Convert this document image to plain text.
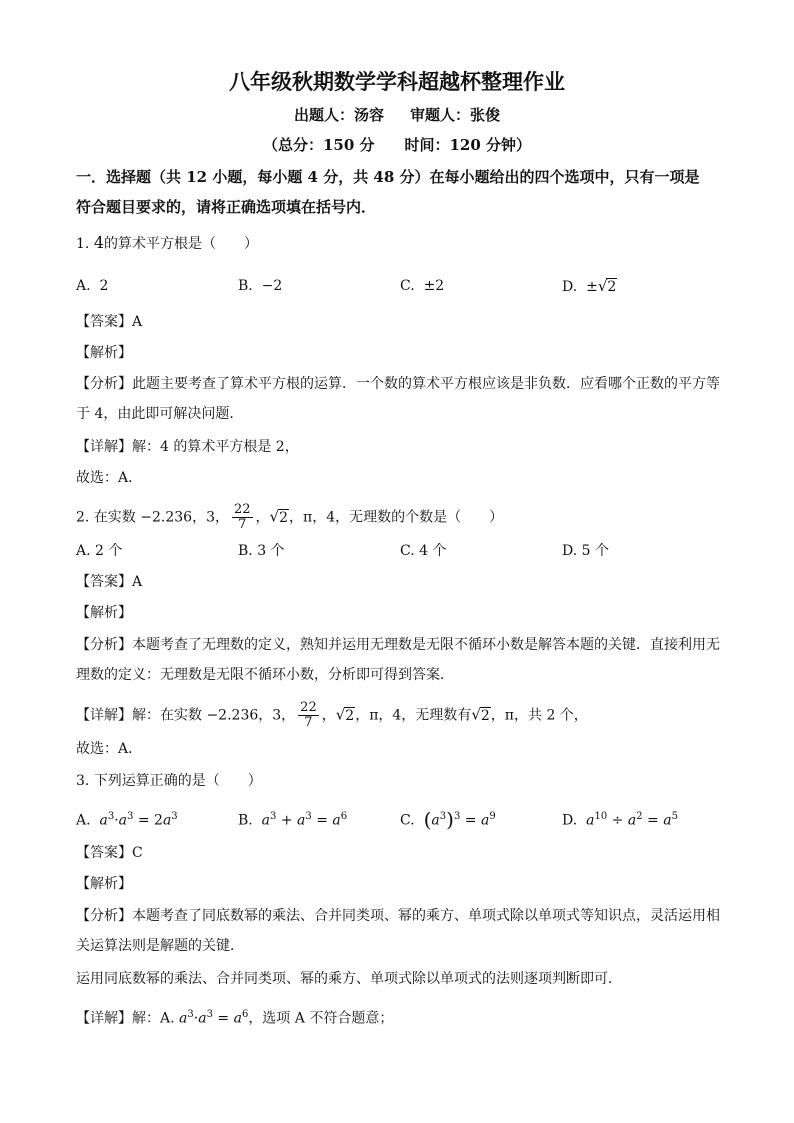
八年级秋期数学学科超越杯整理作业
出题人：汤容 审题人：张俊
（总分：150 分 时间：120 分钟）
一．选择题（共 12 小题，每小题 4 分，共 48 分）在每小题给出的四个选项中，只有一项是
符合题目要求的，请将正确选项填在括号内．
1. 4的算术平方根是（　　）
A. 2	B. −2	C. ±2	D. ±√2
【答案】A
【解析】
【分析】此题主要考查了算术平方根的运算．一个数的算术平方根应该是非负数．应看哪个正数的平方等
于 4，由此即可解决问题．
【详解】解：4 的算术平方根是 2，
故选：A．
2. 在实数 −2.236，3， $\frac{22}{7}$ ，√2，π，4，无理数的个数是（　　）
A. 2 个	B. 3 个	C. 4 个	D. 5 个
【答案】A
【解析】
【分析】本题考查了无理数的定义，熟知并运用无理数是无限不循环小数是解答本题的关键．直接利用无
理数的定义：无理数是无限不循环小数，分析即可得到答案．
【详解】解：在实数 −2.236，3， $\frac{22}{7}$ ，√2，π，4，无理数有√2，π，共 2 个，
故选：A．
3. 下列运算正确的是（　　）
A. $a^3\cdot a^3 = 2a^3$	B. $a^3 + a^3 = a^6$	C. $(a^3)^3 = a^9$	D. $a^{10} \div a^2 = a^5$
【答案】C
【解析】
【分析】本题考查了同底数幂的乘法、合并同类项、幂的乘方、单项式除以单项式等知识点，灵活运用相
关运算法则是解题的关键．
运用同底数幂的乘法、合并同类项、幂的乘方、单项式除以单项式的法则逐项判断即可．
【详解】解：A. $a^3\cdot a^3 = a^6$，选项 A 不符合题意；
